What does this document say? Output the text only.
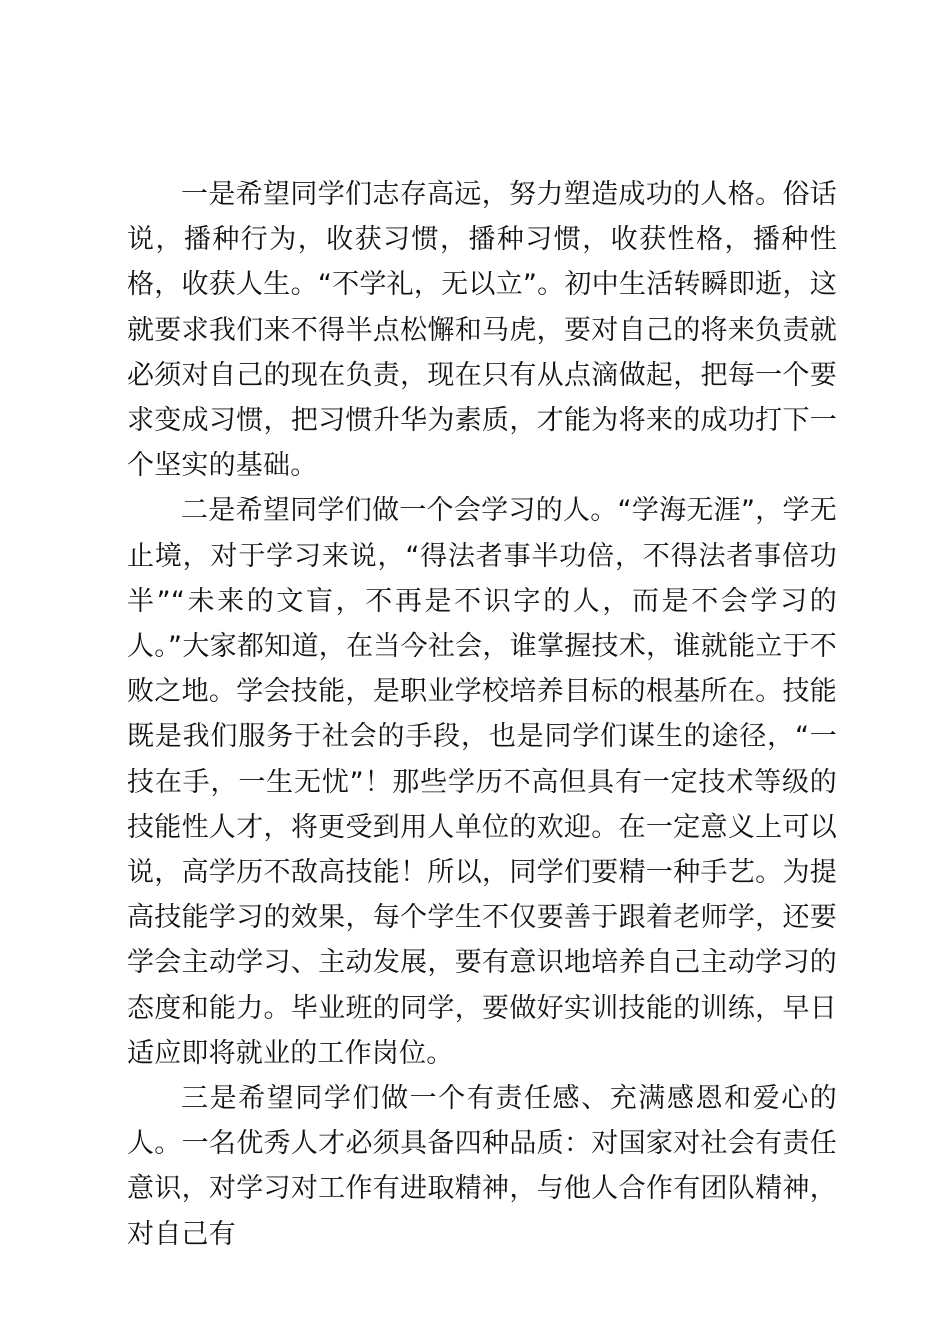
一是希望同学们志存高远，努力塑造成功的人格。俗话说，播种行为，收获习惯，播种习惯，收获性格，播种性格，收获人生。“不学礼，无以立”。初中生活转瞬即逝，这就要求我们来不得半点松懈和马虎，要对自己的将来负责就必须对自己的现在负责，现在只有从点滴做起，把每一个要求变成习惯，把习惯升华为素质，才能为将来的成功打下一个坚实的基础。

二是希望同学们做一个会学习的人。“学海无涯”，学无止境，对于学习来说，“得法者事半功倍，不得法者事倍功半”“未来的文盲，不再是不识字的人，而是不会学习的人。”大家都知道，在当今社会，谁掌握技术，谁就能立于不败之地。学会技能，是职业学校培养目标的根基所在。技能既是我们服务于社会的手段，也是同学们谋生的途径，“一技在手，一生无忧”！那些学历不高但具有一定技术等级的技能性人才，将更受到用人单位的欢迎。在一定意义上可以说，高学历不敌高技能！所以，同学们要精一种手艺。为提高技能学习的效果，每个学生不仅要善于跟着老师学，还要学会主动学习、主动发展，要有意识地培养自己主动学习的态度和能力。毕业班的同学，要做好实训技能的训练，早日适应即将就业的工作岗位。

三是希望同学们做一个有责任感、充满感恩和爱心的人。一名优秀人才必须具备四种品质：对国家对社会有责任意识，对学习对工作有进取精神，与他人合作有团队精神，对自己有
